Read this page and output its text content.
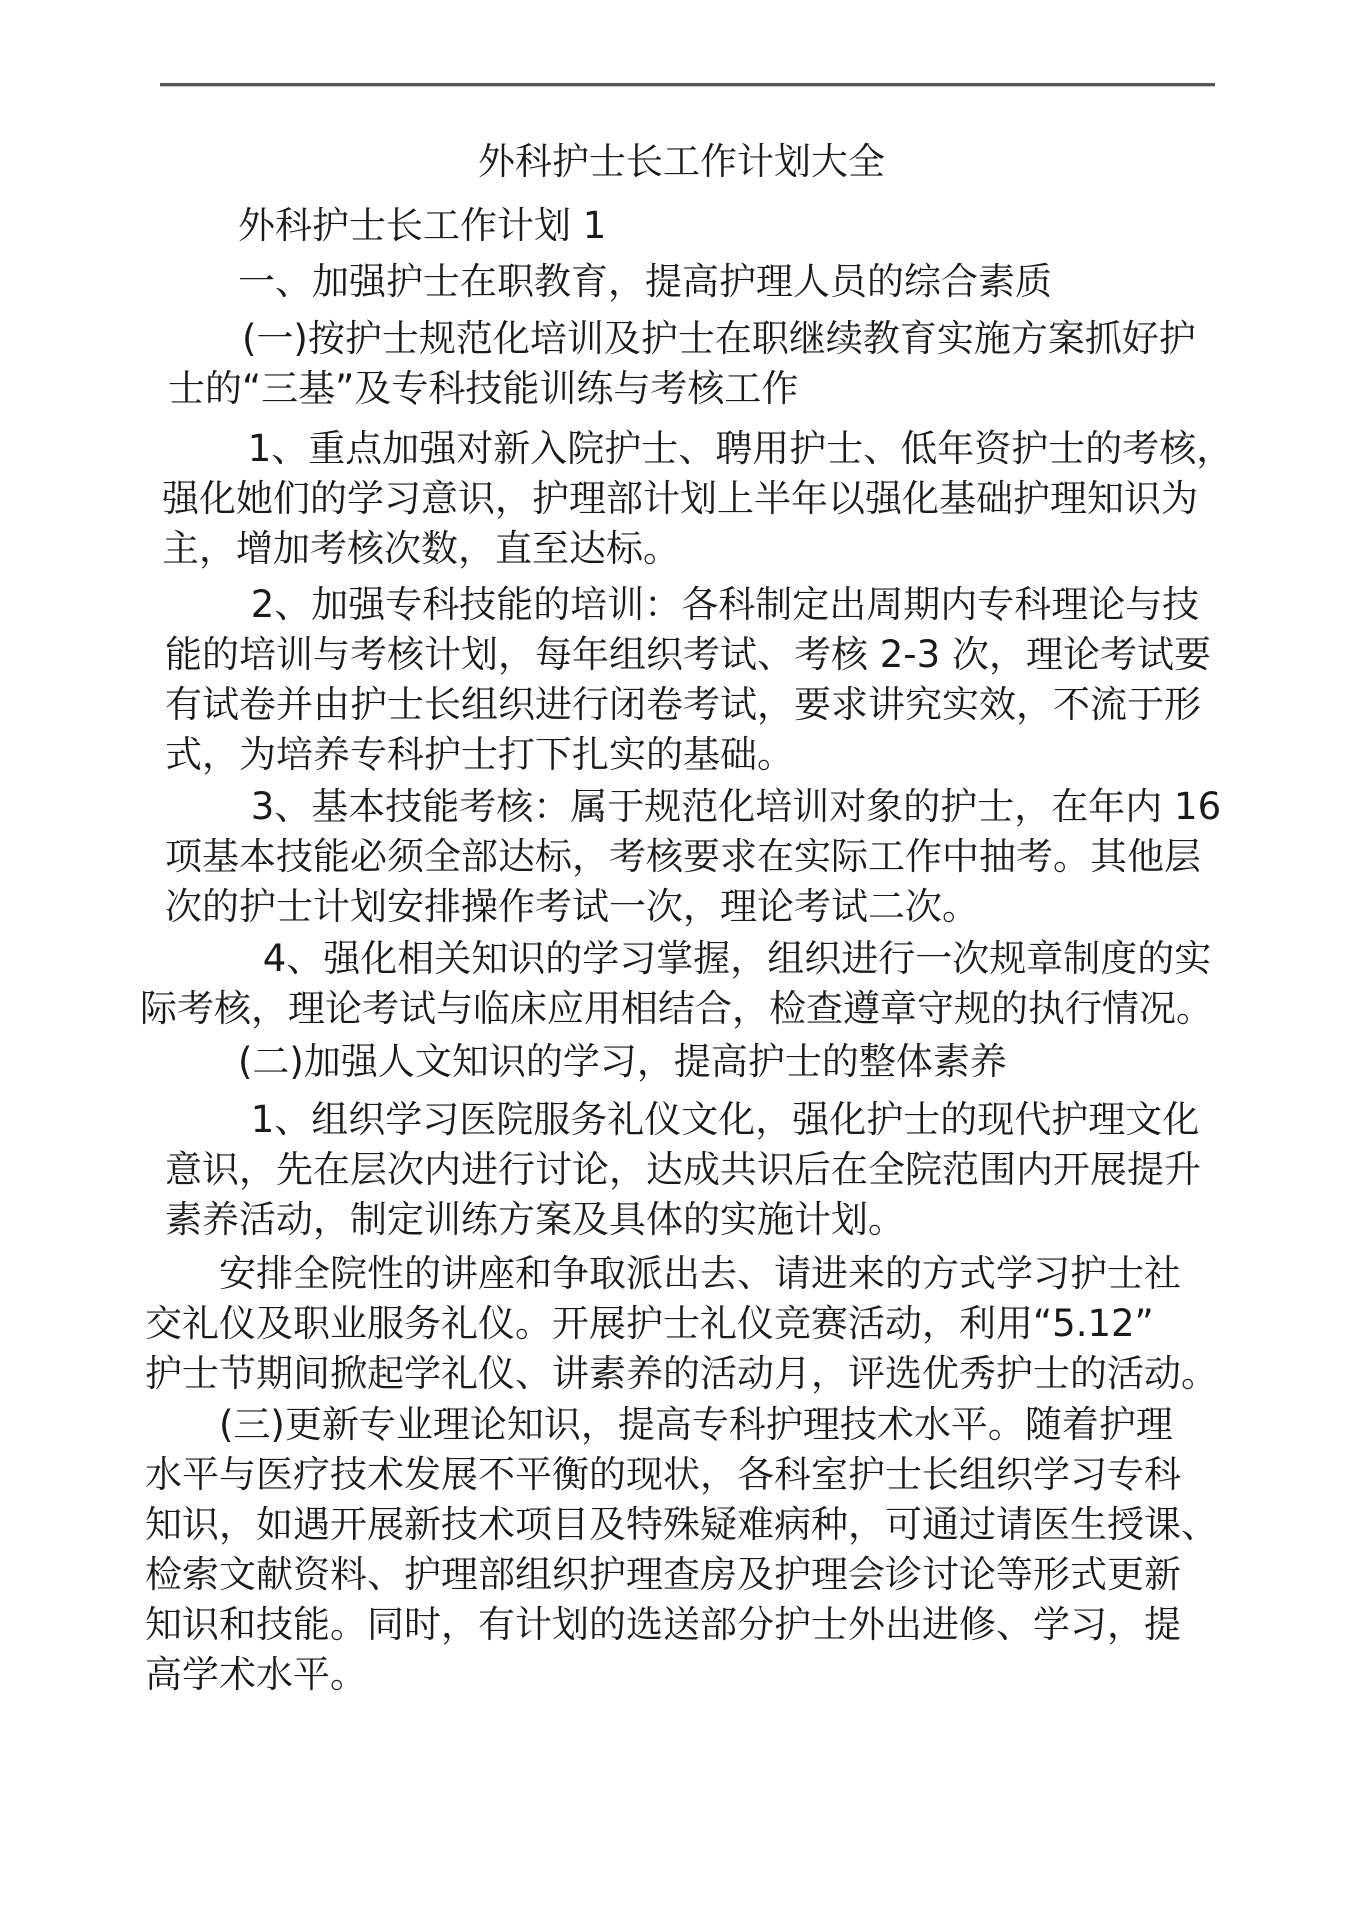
外科护士长工作计划大全

外科护士长工作计划 1

一、加强护士在职教育，提高护理人员的综合素质

　　(一)按护士规范化培训及护士在职继续教育实施方案抓好护

士的“三基”及专科技能训练与考核工作

　　 1、重点加强对新入院护士、聘用护士、低年资护士的考核，

强化她们的学习意识，护理部计划上半年以强化基础护理知识为

主，增加考核次数，直至达标。

　　 2、加强专科技能的培训：各科制定出周期内专科理论与技

能的培训与考核计划，每年组织考试、考核 2-3 次，理论考试要

有试卷并由护士长组织进行闭卷考试，要求讲究实效，不流于形

式，为培养专科护士打下扎实的基础。

　　 3、基本技能考核：属于规范化培训对象的护士，在年内 16

项基本技能必须全部达标，考核要求在实际工作中抽考。其他层

次的护士计划安排操作考试一次，理论考试二次。

　　　 4、强化相关知识的学习掌握，组织进行一次规章制度的实

际考核，理论考试与临床应用相结合，检查遵章守规的执行情况。

(二)加强人文知识的学习，提高护士的整体素养

　　 1、组织学习医院服务礼仪文化，强化护士的现代护理文化

意识，先在层次内进行讨论，达成共识后在全院范围内开展提升

素养活动，制定训练方案及具体的实施计划。

　　安排全院性的讲座和争取派出去、请进来的方式学习护士社

交礼仪及职业服务礼仪。开展护士礼仪竞赛活动，利用“5.12”

护士节期间掀起学礼仪、讲素养的活动月，评选优秀护士的活动。

　　(三)更新专业理论知识，提高专科护理技术水平。随着护理

水平与医疗技术发展不平衡的现状，各科室护士长组织学习专科

知识，如遇开展新技术项目及特殊疑难病种，可通过请医生授课、

检索文献资料、护理部组织护理查房及护理会诊讨论等形式更新

知识和技能。同时，有计划的选送部分护士外出进修、学习，提

高学术水平。
